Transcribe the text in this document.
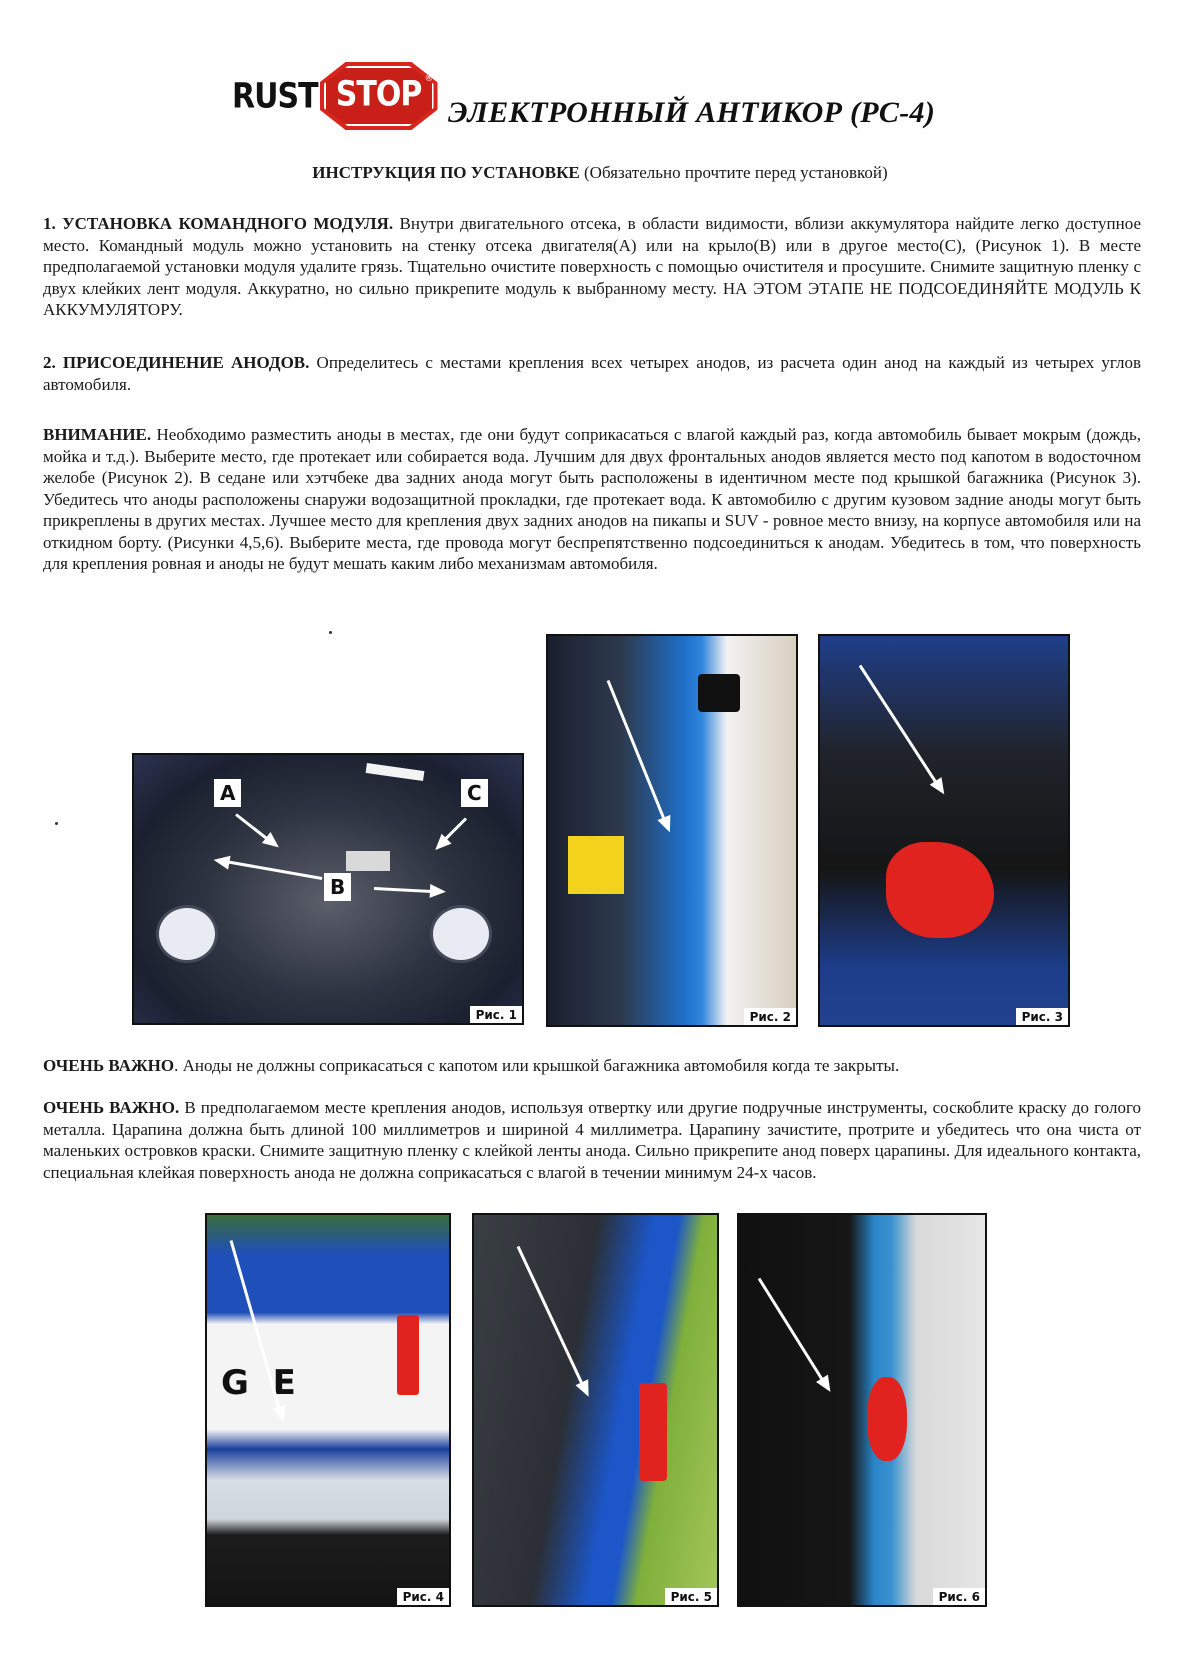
RUST STOP ®
ЭЛЕКТРОННЫЙ АНТИКОР (РС-4)
ИНСТРУКЦИЯ ПО УСТАНОВКЕ (Обязательно прочтите перед установкой)

1. УСТАНОВКА КОМАНДНОГО МОДУЛЯ. Внутри двигательного отсека, в области видимости, вблизи аккумулятора найдите легко доступное место. Командный модуль можно установить на стенку отсека двигателя(А) или на крыло(В) или в другое место(С), (Рисунок 1). В месте предполагаемой установки модуля удалите грязь. Тщательно очистите поверхность с помощью очистителя и просушите. Снимите защитную пленку с двух клейких лент модуля. Аккуратно, но сильно прикрепите модуль к выбранному месту. НА ЭТОМ ЭТАПЕ НЕ ПОДСОЕДИНЯЙТЕ МОДУЛЬ К АККУМУЛЯТОРУ.

2. ПРИСОЕДИНЕНИЕ АНОДОВ. Определитесь с местами крепления всех четырех анодов, из расчета один анод на каждый из четырех углов автомобиля.

ВНИМАНИЕ. Необходимо разместить аноды в местах, где они будут соприкасаться с влагой каждый раз, когда автомобиль бывает мокрым (дождь, мойка и т.д.). Выберите место, где протекает или собирается вода. Лучшим для двух фронтальных анодов является место под капотом в водосточном желобе (Рисунок 2). В седане или хэтчбеке два задних анода могут быть расположены в идентичном месте под крышкой багажника (Рисунок 3). Убедитесь что аноды расположены снаружи водозащитной прокладки, где протекает вода. К автомобилю с другим кузовом задние аноды могут быть прикреплены в других местах. Лучшее место для крепления двух задних анодов на пикапы и SUV - ровное место внизу, на корпусе автомобиля или на откидном борту. (Рисунки 4,5,6). Выберите места, где провода могут беспрепятственно подсоединиться к анодам. Убедитесь в том, что поверхность для крепления ровная и аноды не будут мешать каким либо механизмам автомобиля.

A
B
C
Рис. 1	Рис. 2	Рис. 3

ОЧЕНЬ ВАЖНО. Аноды не должны соприкасаться с капотом или крышкой багажника автомобиля когда те закрыты.

ОЧЕНЬ ВАЖНО. В предполагаемом месте крепления анодов, используя отвертку или другие подручные инструменты, соскоблите краску до голого металла. Царапина должна быть длиной 100 миллиметров и шириной 4 миллиметра. Царапину зачистите, протрите и убедитесь что она чиста от маленьких островков краски. Снимите защитную пленку с клейкой ленты анода. Сильно прикрепите анод поверх царапины. Для идеального контакта, специальная клейкая поверхность анода не должна соприкасаться с влагой в течении минимум 24-х часов.

G  E
Рис. 4	Рис. 5	Рис. 6
